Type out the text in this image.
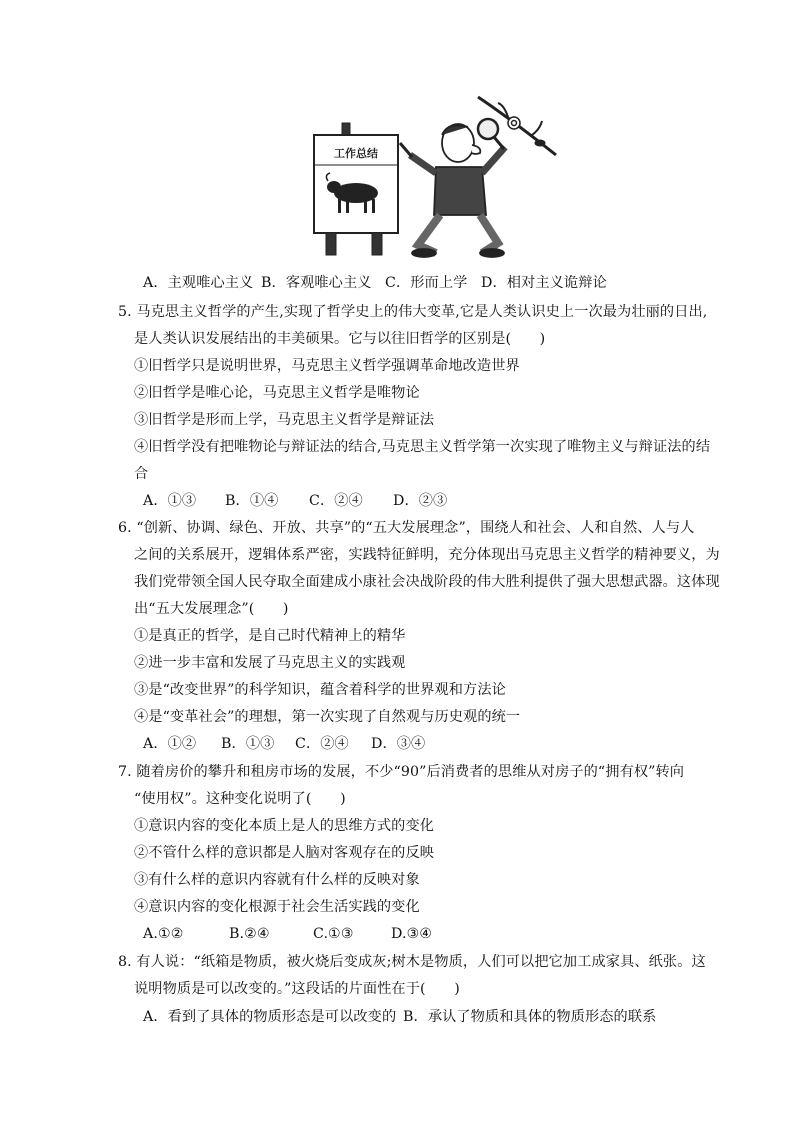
工作总结
A．主观唯心主义 B．客观唯心主义 C．形而上学 D．相对主义诡辩论
5. 马克思主义哲学的产生,实现了哲学史上的伟大变革,它是人类认识史上一次最为壮丽的日出,
是人类认识发展结出的丰美硕果。它与以往旧哲学的区别是(　　)
①旧哲学只是说明世界，马克思主义哲学强调革命地改造世界
②旧哲学是唯心论，马克思主义哲学是唯物论
③旧哲学是形而上学，马克思主义哲学是辩证法
④旧哲学没有把唯物论与辩证法的结合,马克思主义哲学第一次实现了唯物主义与辩证法的结
合
A．①③ B．①④ C．②④ D．②③
6. “创新、协调、绿色、开放、共享”的“五大发展理念”，围绕人和社会、人和自然、人与人
之间的关系展开，逻辑体系严密，实践特征鲜明，充分体现出马克思主义哲学的精神要义，为
我们党带领全国人民夺取全面建成小康社会决战阶段的伟大胜利提供了强大思想武器。这体现
出“五大发展理念”(　　)
①是真正的哲学，是自己时代精神上的精华
②进一步丰富和发展了马克思主义的实践观
③是“改变世界”的科学知识，蕴含着科学的世界观和方法论
④是“变革社会”的理想，第一次实现了自然观与历史观的统一
A．①② B．①③ C．②④ D．③④
7. 随着房价的攀升和租房市场的发展，不少“90”后消费者的思维从对房子的“拥有权”转向
“使用权”。这种变化说明了(　　)
①意识内容的变化本质上是人的思维方式的变化
②不管什么样的意识都是人脑对客观存在的反映
③有什么样的意识内容就有什么样的反映对象
④意识内容的变化根源于社会生活实践的变化
A.①②	B.②④	C.①③	D.③④
8. 有人说：“纸箱是物质，被火烧后变成灰;树木是物质，人们可以把它加工成家具、纸张。这
说明物质是可以改变的。”这段话的片面性在于(　　)
A．看到了具体的物质形态是可以改变的 B．承认了物质和具体的物质形态的联系
